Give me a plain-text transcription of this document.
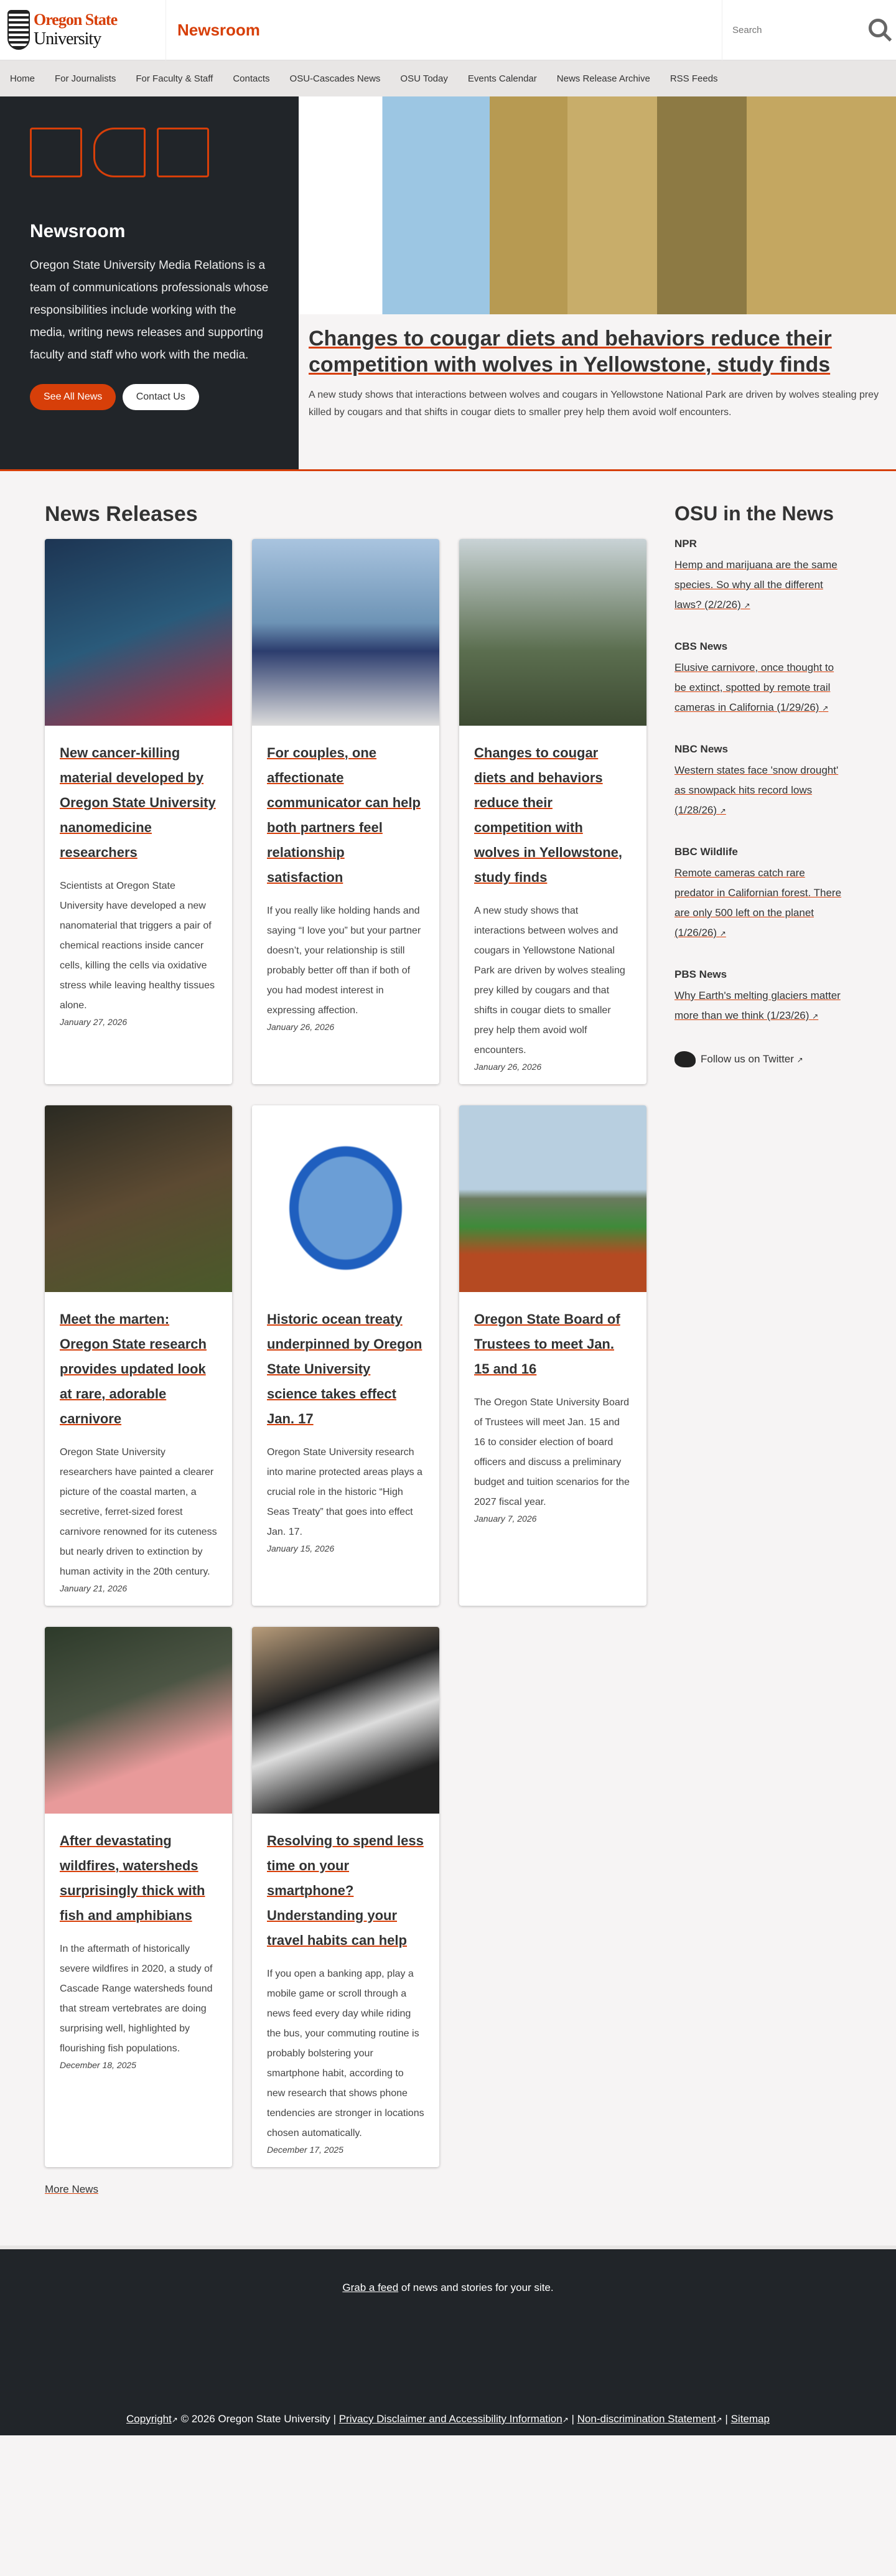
Oregon State
University	Newsroom
Search
Home For Journalists For Faculty & Staff Contacts OSU-Cascades News OSU Today Events Calendar News Release Archive RSS Feeds
Newsroom

Oregon State University Media Relations is a team of communications professionals whose responsibilities include working with the media, writing news releases and supporting faculty and staff who work with the media.

See All News	Contact Us
Changes to cougar diets and behaviors reduce their competition with wolves in Yellowstone, study finds

A new study shows that interactions between wolves and cougars in Yellowstone National Park are driven by wolves stealing prey killed by cougars and that shifts in cougar diets to smaller prey help them avoid wolf encounters.

News Releases
New cancer-killing material developed by Oregon State University nanomedicine researchers

Scientists at Oregon State University have developed a new nanomaterial that triggers a pair of chemical reactions inside cancer cells, killing the cells via oxidative stress while leaving healthy tissues alone.

January 27, 2026
For couples, one affectionate communicator can help both partners feel relationship satisfaction

If you really like holding hands and saying “I love you” but your partner doesn’t, your relationship is still probably better off than if both of you had modest interest in expressing affection.

January 26, 2026
Changes to cougar diets and behaviors reduce their competition with wolves in Yellowstone, study finds

A new study shows that interactions between wolves and cougars in Yellowstone National Park are driven by wolves stealing prey killed by cougars and that shifts in cougar diets to smaller prey help them avoid wolf encounters.

January 26, 2026
Meet the marten: Oregon State research provides updated look at rare, adorable carnivore

Oregon State University researchers have painted a clearer picture of the coastal marten, a secretive, ferret-sized forest carnivore renowned for its cuteness but nearly driven to extinction by human activity in the 20th century.

January 21, 2026
Historic ocean treaty underpinned by Oregon State University science takes effect Jan. 17

Oregon State University research into marine protected areas plays a crucial role in the historic “High Seas Treaty” that goes into effect Jan. 17.

January 15, 2026
Oregon State Board of Trustees to meet Jan. 15 and 16

The Oregon State University Board of Trustees will meet Jan. 15 and 16 to consider election of board officers and discuss a preliminary budget and tuition scenarios for the 2027 fiscal year.

January 7, 2026
After devastating wildfires, watersheds surprisingly thick with fish and amphibians

In the aftermath of historically severe wildfires in 2020, a study of Cascade Range watersheds found that stream vertebrates are doing surprising well, highlighted by flourishing fish populations.

December 18, 2025
Resolving to spend less time on your smartphone? Understanding your travel habits can help

If you open a banking app, play a mobile game or scroll through a news feed every day while riding the bus, your commuting routine is probably bolstering your smartphone habit, according to new research that shows phone tendencies are stronger in locations chosen automatically.

December 17, 2025
More News
OSU in the News
NPR
Hemp and marijuana are the same species. So why all the different laws? (2/2/26) ↗
CBS News
Elusive carnivore, once thought to be extinct, spotted by remote trail cameras in California (1/29/26) ↗
NBC News
Western states face 'snow drought' as snowpack hits record lows (1/28/26) ↗
BBC Wildlife
Remote cameras catch rare predator in Californian forest. There are only 500 left on the planet (1/26/26) ↗
PBS News
Why Earth's melting glaciers matter more than we think (1/23/26) ↗
Follow us on Twitter ↗
Grab a feed of news and stories for your site.
Copyright↗ © 2026 Oregon State University | Privacy Disclaimer and Accessibility Information↗ | Non-discrimination Statement↗ | Sitemap
